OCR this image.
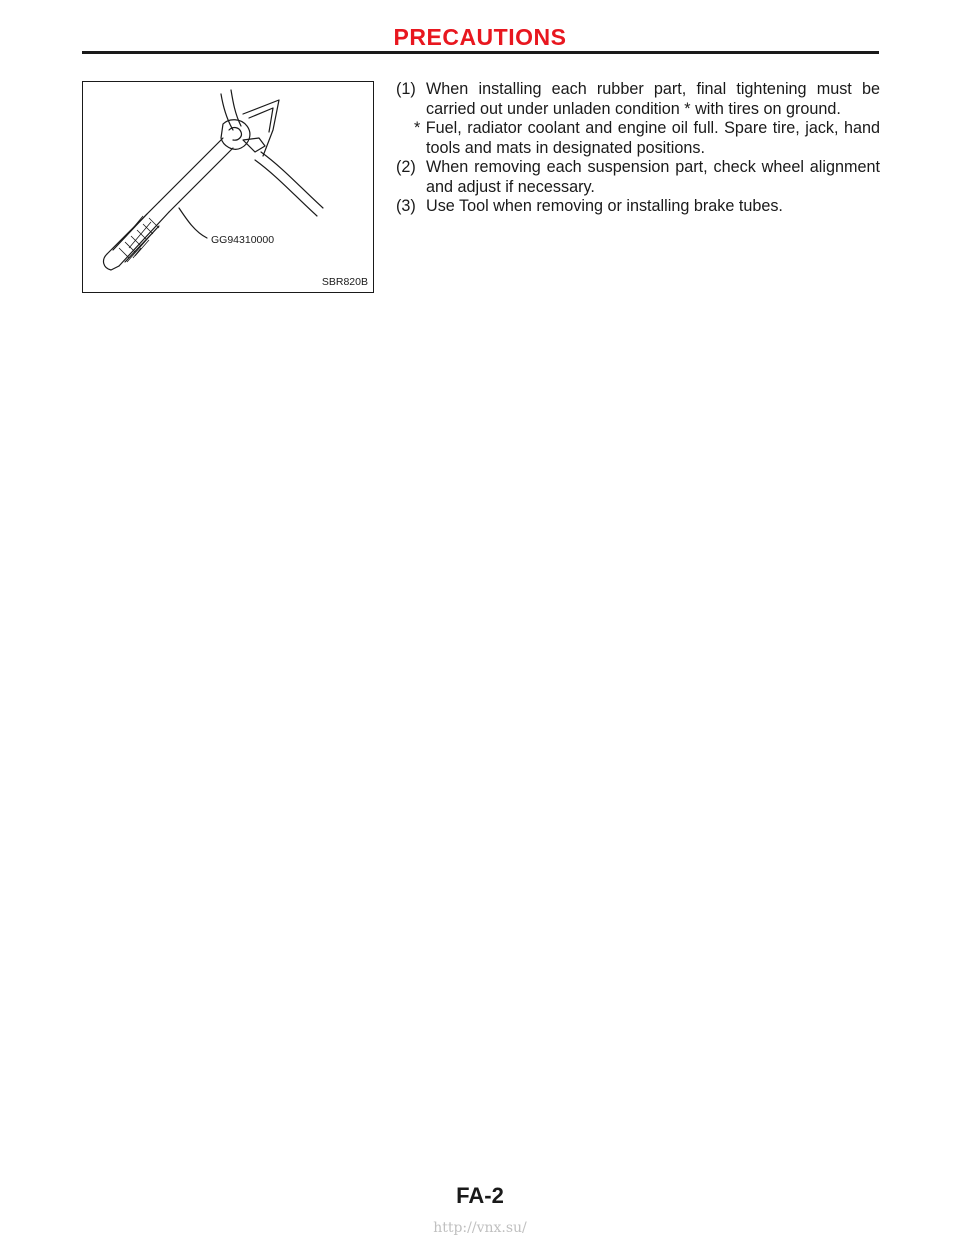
PRECAUTIONS
GG94310000
SBR820B
(1) When installing each rubber part, final tightening must be carried out under unladen condition * with tires on ground.
* Fuel, radiator coolant and engine oil full. Spare tire, jack, hand tools and mats in designated positions.
(2) When removing each suspension part, check wheel alignment and adjust if necessary.
(3) Use Tool when removing or installing brake tubes.
FA-2
http://vnx.su/	carmanualsonline.info
